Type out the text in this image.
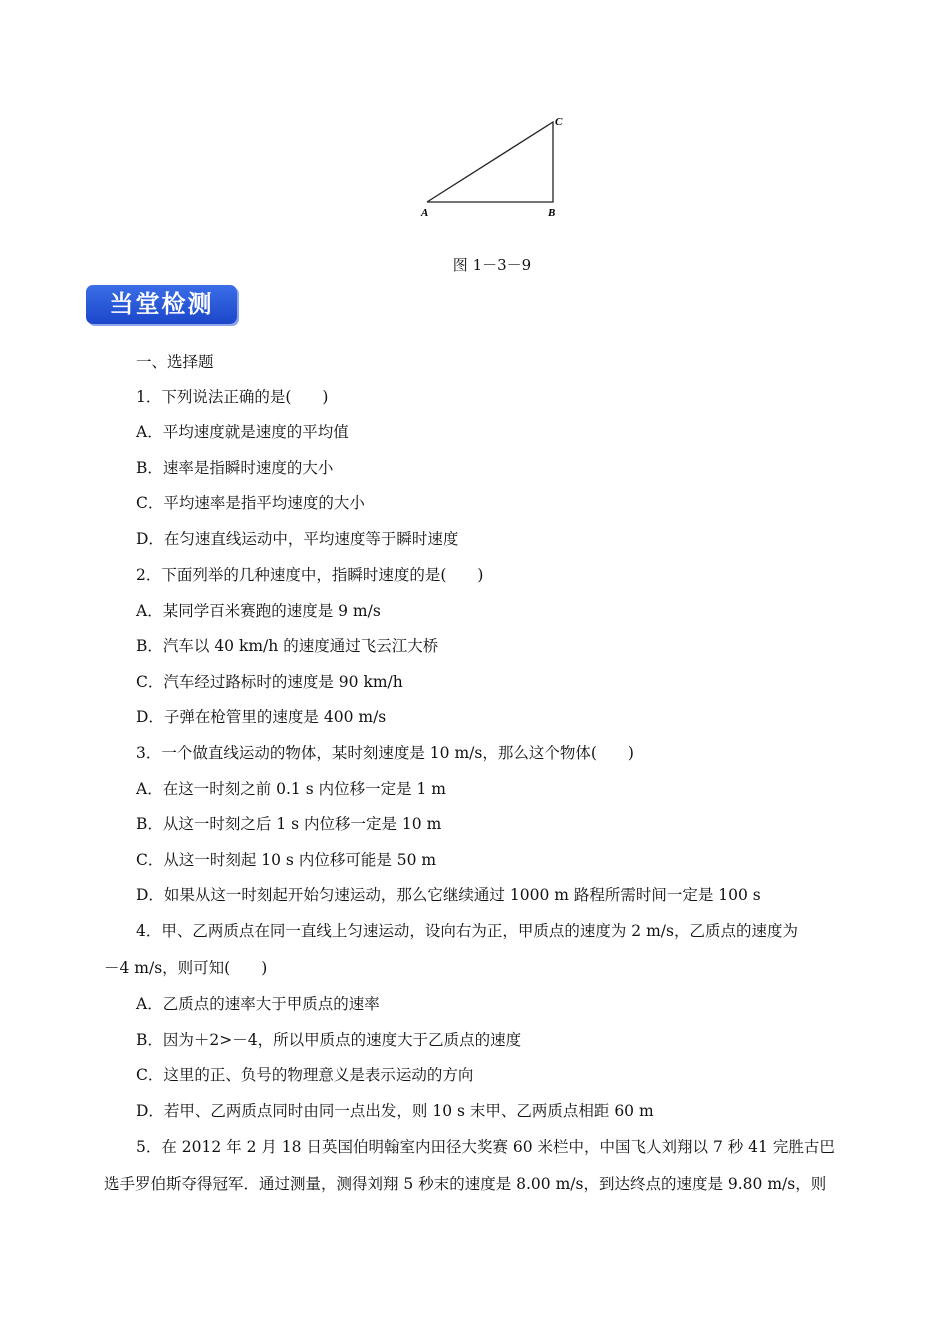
A	B
C
图 1－3－9
当堂检测
一、选择题
1．下列说法正确的是(　　)
A．平均速度就是速度的平均值
B．速率是指瞬时速度的大小
C．平均速率是指平均速度的大小
D．在匀速直线运动中，平均速度等于瞬时速度
2．下面列举的几种速度中，指瞬时速度的是(　　)
A．某同学百米赛跑的速度是 9 m/s
B．汽车以 40 km/h 的速度通过飞云江大桥
C．汽车经过路标时的速度是 90 km/h
D．子弹在枪管里的速度是 400 m/s
3．一个做直线运动的物体，某时刻速度是 10 m/s，那么这个物体(　　)
A．在这一时刻之前 0.1 s 内位移一定是 1 m
B．从这一时刻之后 1 s 内位移一定是 10 m
C．从这一时刻起 10 s 内位移可能是 50 m
D．如果从这一时刻起开始匀速运动，那么它继续通过 1000 m 路程所需时间一定是 100 s
4．甲、乙两质点在同一直线上匀速运动，设向右为正，甲质点的速度为 2 m/s，乙质点的速度为
－4 m/s，则可知(　　)
A．乙质点的速率大于甲质点的速率
B．因为＋2>－4，所以甲质点的速度大于乙质点的速度
C．这里的正、负号的物理意义是表示运动的方向
D．若甲、乙两质点同时由同一点出发，则 10 s 末甲、乙两质点相距 60 m
5．在 2012 年 2 月 18 日英国伯明翰室内田径大奖赛 60 米栏中，中国飞人刘翔以 7 秒 41 完胜古巴
选手罗伯斯夺得冠军．通过测量，测得刘翔 5 秒末的速度是 8.00 m/s，到达终点的速度是 9.80 m/s，则
